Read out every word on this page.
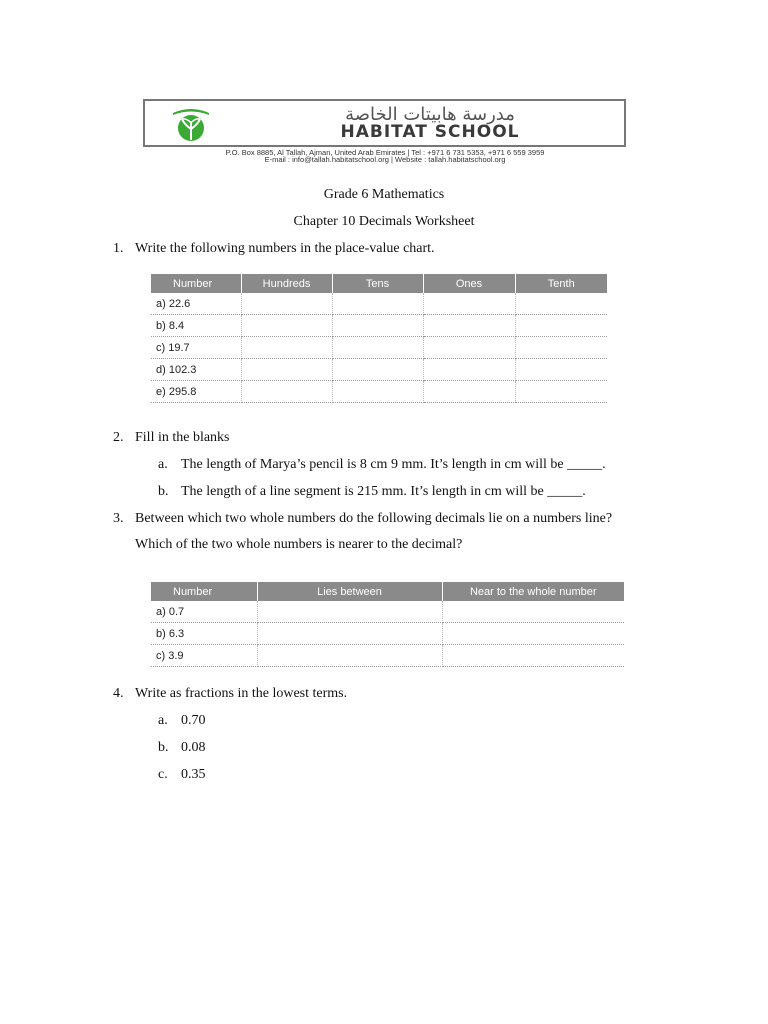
مدرسة هابيتات الخاصة
HABITAT SCHOOL
P.O. Box 8885, Al Tallah, Ajman, United Arab Emirates | Tel : +971 6 731 5353, +971 6 559 3959
E-mail : info@tallah.habitatschool.org | Website : tallah.habitatschool.org
Grade 6 Mathematics
Chapter 10 Decimals Worksheet
1. Write the following numbers in the place-value chart.
Number	Hundreds	Tens	Ones	Tenth
a) 22.6				
b) 8.4				
c) 19.7				
d) 102.3				
e) 295.8				
2. Fill in the blanks
a. The length of Marya’s pencil is 8 cm 9 mm. It’s length in cm will be _____.
b. The length of a line segment is 215 mm. It’s length in cm will be _____.
3. Between which two whole numbers do the following decimals lie on a numbers line?
Which of the two whole numbers is nearer to the decimal?
Number	Lies between	Near to the whole number
a) 0.7		
b) 6.3		
c) 3.9		
4. Write as fractions in the lowest terms.
a. 0.70
b. 0.08
c. 0.35
